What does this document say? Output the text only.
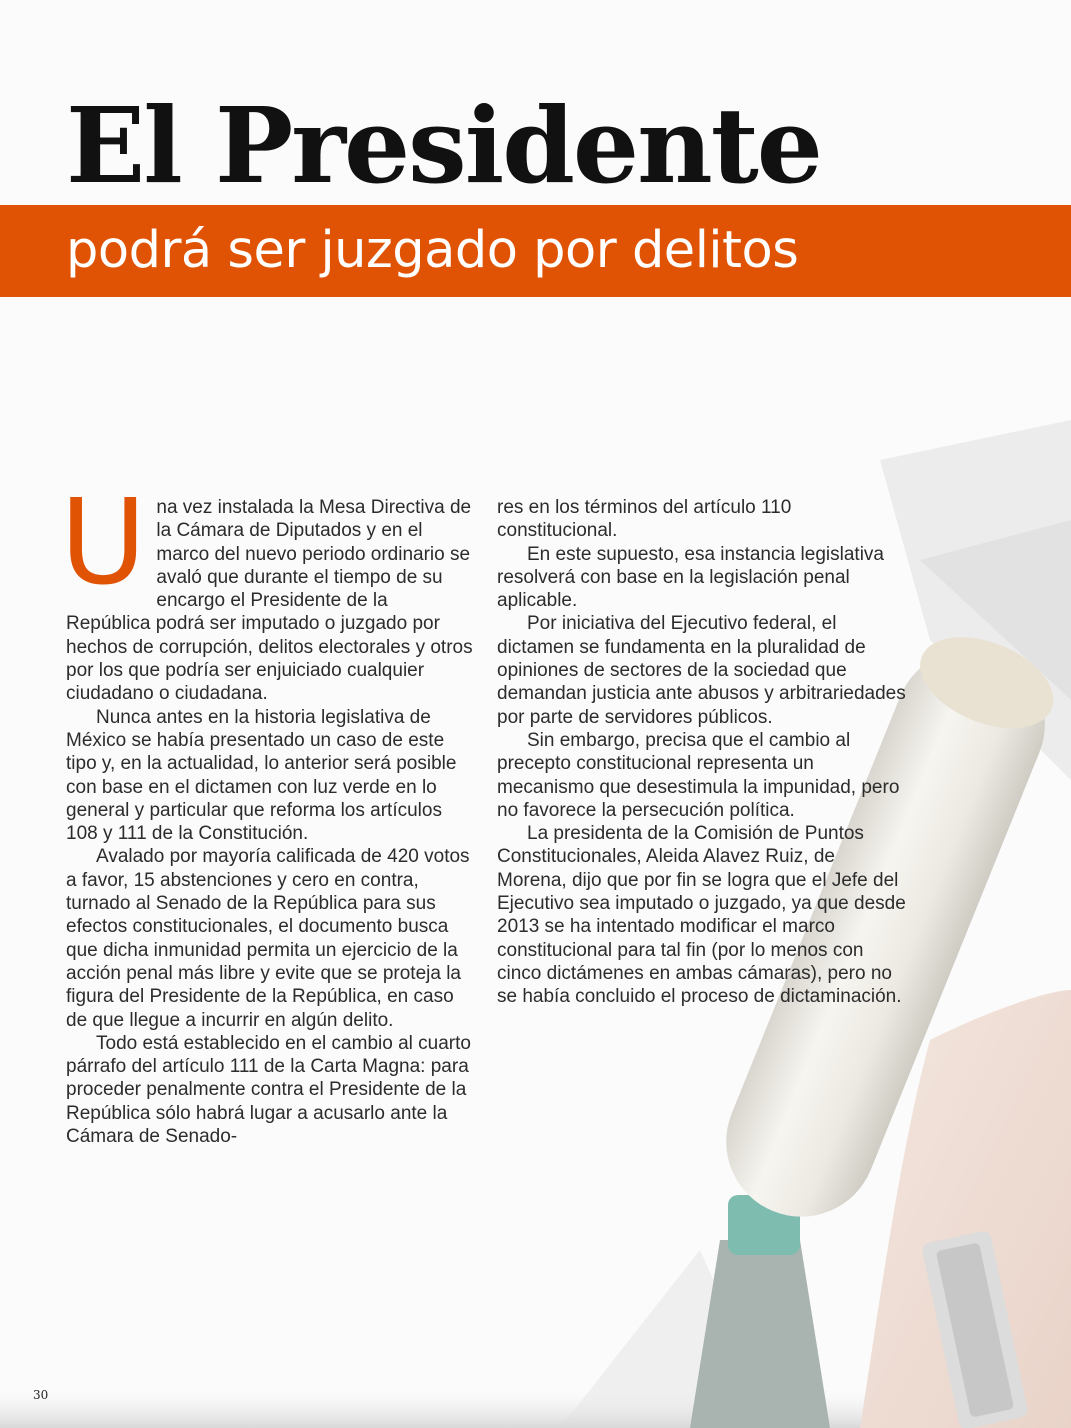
El Presidente
podrá ser juzgado por delitos

Una vez instalada la Mesa Directiva de la Cámara de Diputados y en el marco del nuevo periodo ordinario se avaló que durante el tiempo de su encargo el Presidente de la República podrá ser imputado o juzgado por hechos de corrupción, delitos electorales y otros por los que podría ser enjuiciado cualquier ciudadano o ciudadana.

Nunca antes en la historia legislativa de México se había presentado un caso de este tipo y, en la actualidad, lo anterior será posible con base en el dictamen con luz verde en lo general y particular que reforma los artículos 108 y 111 de la Constitución.

Avalado por mayoría calificada de 420 votos a favor, 15 abstenciones y cero en contra, turnado al Senado de la República para sus efectos constitucionales, el documento busca que dicha inmunidad permita un ejercicio de la acción penal más libre y evite que se proteja la figura del Presidente de la República, en caso de que llegue a incurrir en algún delito.

Todo está establecido en el cambio al cuarto párrafo del artículo 111 de la Carta Magna: para proceder penalmente contra el Presidente de la República sólo habrá lugar a acusarlo ante la Cámara de Senado-

res en los términos del artículo 110 constitucional.

En este supuesto, esa instancia legislativa resolverá con base en la legislación penal aplicable.

Por iniciativa del Ejecutivo federal, el dictamen se fundamenta en la pluralidad de opiniones de sectores de la sociedad que demandan justicia ante abusos y arbitrariedades por parte de servidores públicos.

Sin embargo, precisa que el cambio al precepto constitucional representa un mecanismo que desestimula la impunidad, pero no favorece la persecución política.

La presidenta de la Comisión de Puntos Constitucionales, Aleida Alavez Ruiz, de Morena, dijo que por fin se logra que el Jefe del Ejecutivo sea imputado o juzgado, ya que desde 2013 se ha intentado modificar el marco constitucional para tal fin (por lo menos con cinco dictámenes en ambas cámaras), pero no se había concluido el proceso de dictaminación.

30
